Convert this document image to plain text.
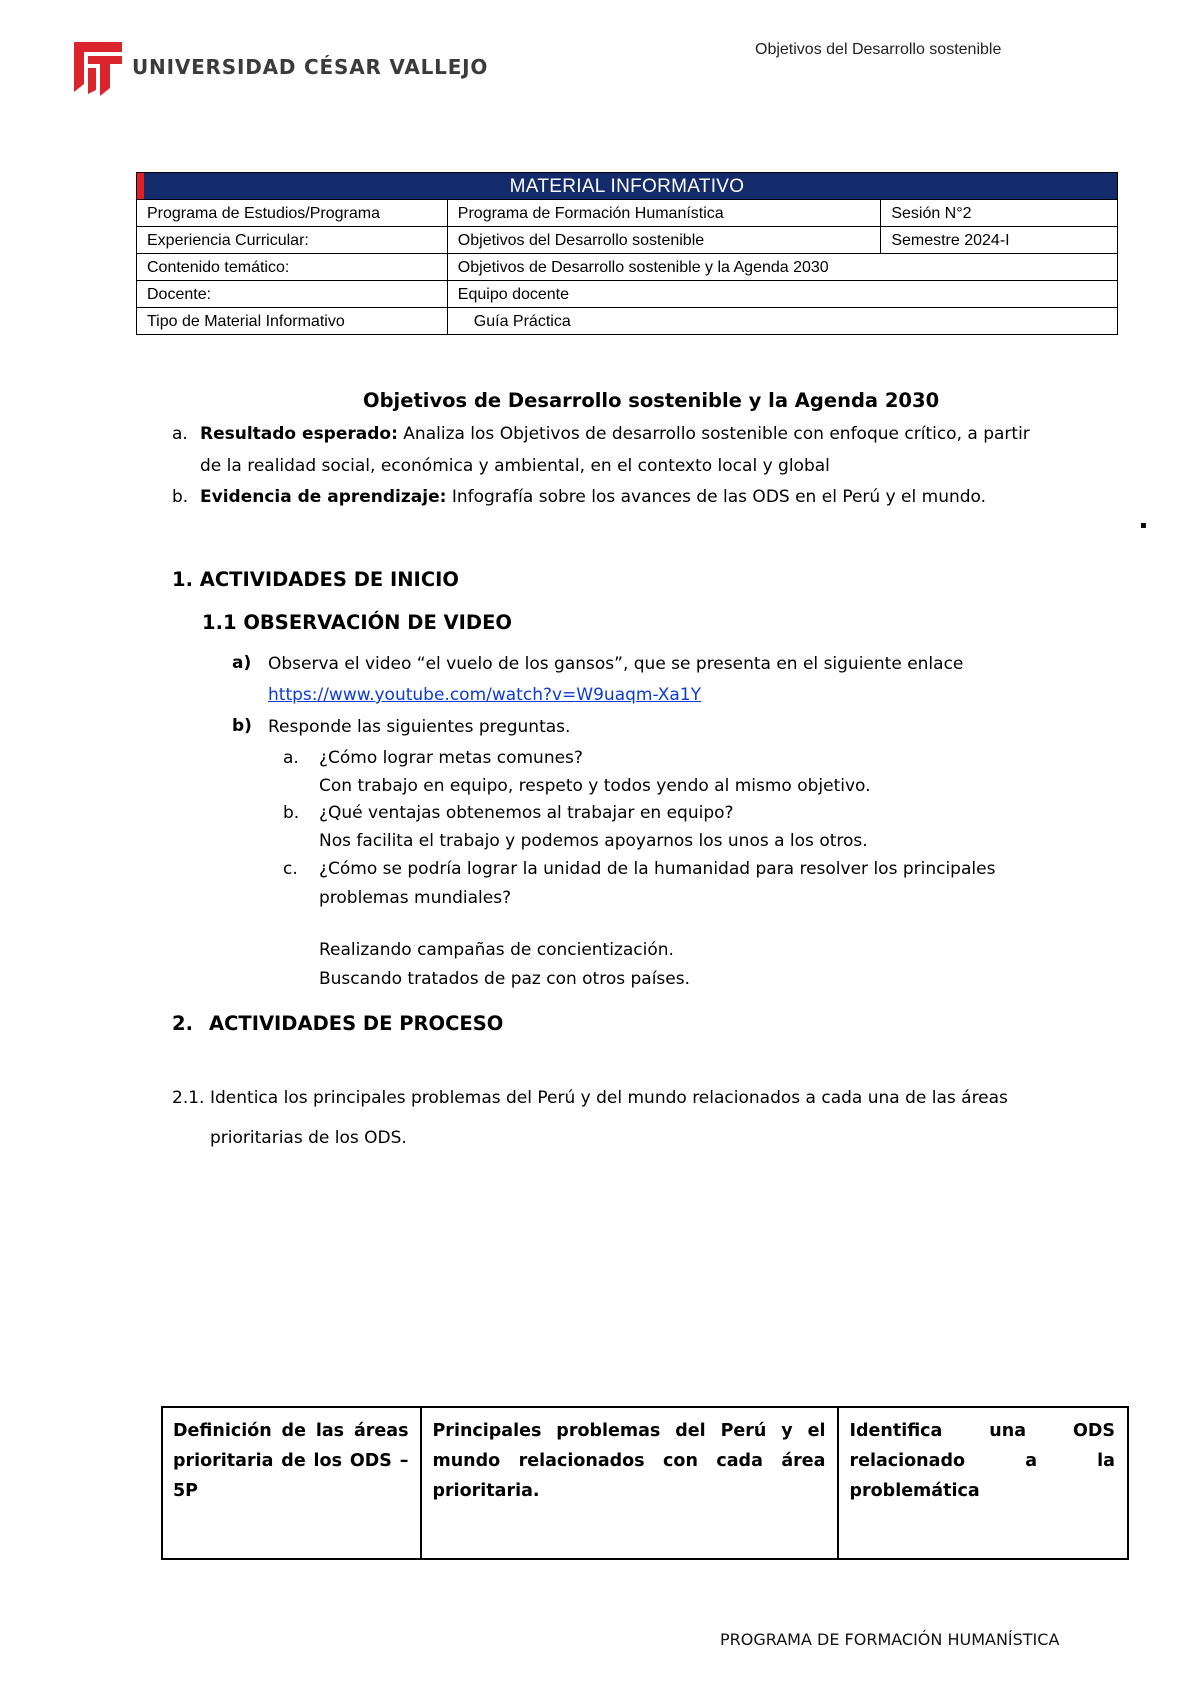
UNIVERSIDAD CÉSAR VALLEJO
Objetivos del Desarrollo sostenible
MATERIAL INFORMATIVO		
Programa de Estudios/Programa	Programa de Formación Humanística	Sesión N°2
Experiencia Curricular:	Objetivos del Desarrollo sostenible	Semestre 2024-I
Contenido temático:	Objetivos de Desarrollo sostenible y la Agenda 2030	
Docente:	Equipo docente	
Tipo de Material Informativo	Guía Práctica	
Objetivos de Desarrollo sostenible y la Agenda 2030
a. Resultado esperado: Analiza los Objetivos de desarrollo sostenible con enfoque crítico, a partir
de la realidad social, económica y ambiental, en el contexto local y global
b. Evidencia de aprendizaje: Infografía sobre los avances de las ODS en el Perú y el mundo.
▪
1. ACTIVIDADES DE INICIO
1.1 OBSERVACIÓN DE VIDEO
a) Observa el video “el vuelo de los gansos”, que se presenta en el siguiente enlace
https://www.youtube.com/watch?v=W9uaqm-Xa1Y
b) Responde las siguientes preguntas.
a. ¿Cómo lograr metas comunes?
Con trabajo en equipo, respeto y todos yendo al mismo objetivo.
b. ¿Qué ventajas obtenemos al trabajar en equipo?
Nos facilita el trabajo y podemos apoyarnos los unos a los otros.
c. ¿Cómo se podría lograr la unidad de la humanidad para resolver los principales
problemas mundiales?
Realizando campañas de concientización.
Buscando tratados de paz con otros países.
2. ACTIVIDADES DE PROCESO
2.1. Identica los principales problemas del Perú y del mundo relacionados a cada una de las áreas
prioritarias de los ODS.
Definición de las áreas prioritaria de los ODS – 5P	Principales problemas del Perú y el mundo relacionados con cada área prioritaria.	Identifica una ODS relacionado a la problemática
PROGRAMA DE FORMACIÓN HUMANÍSTICA
